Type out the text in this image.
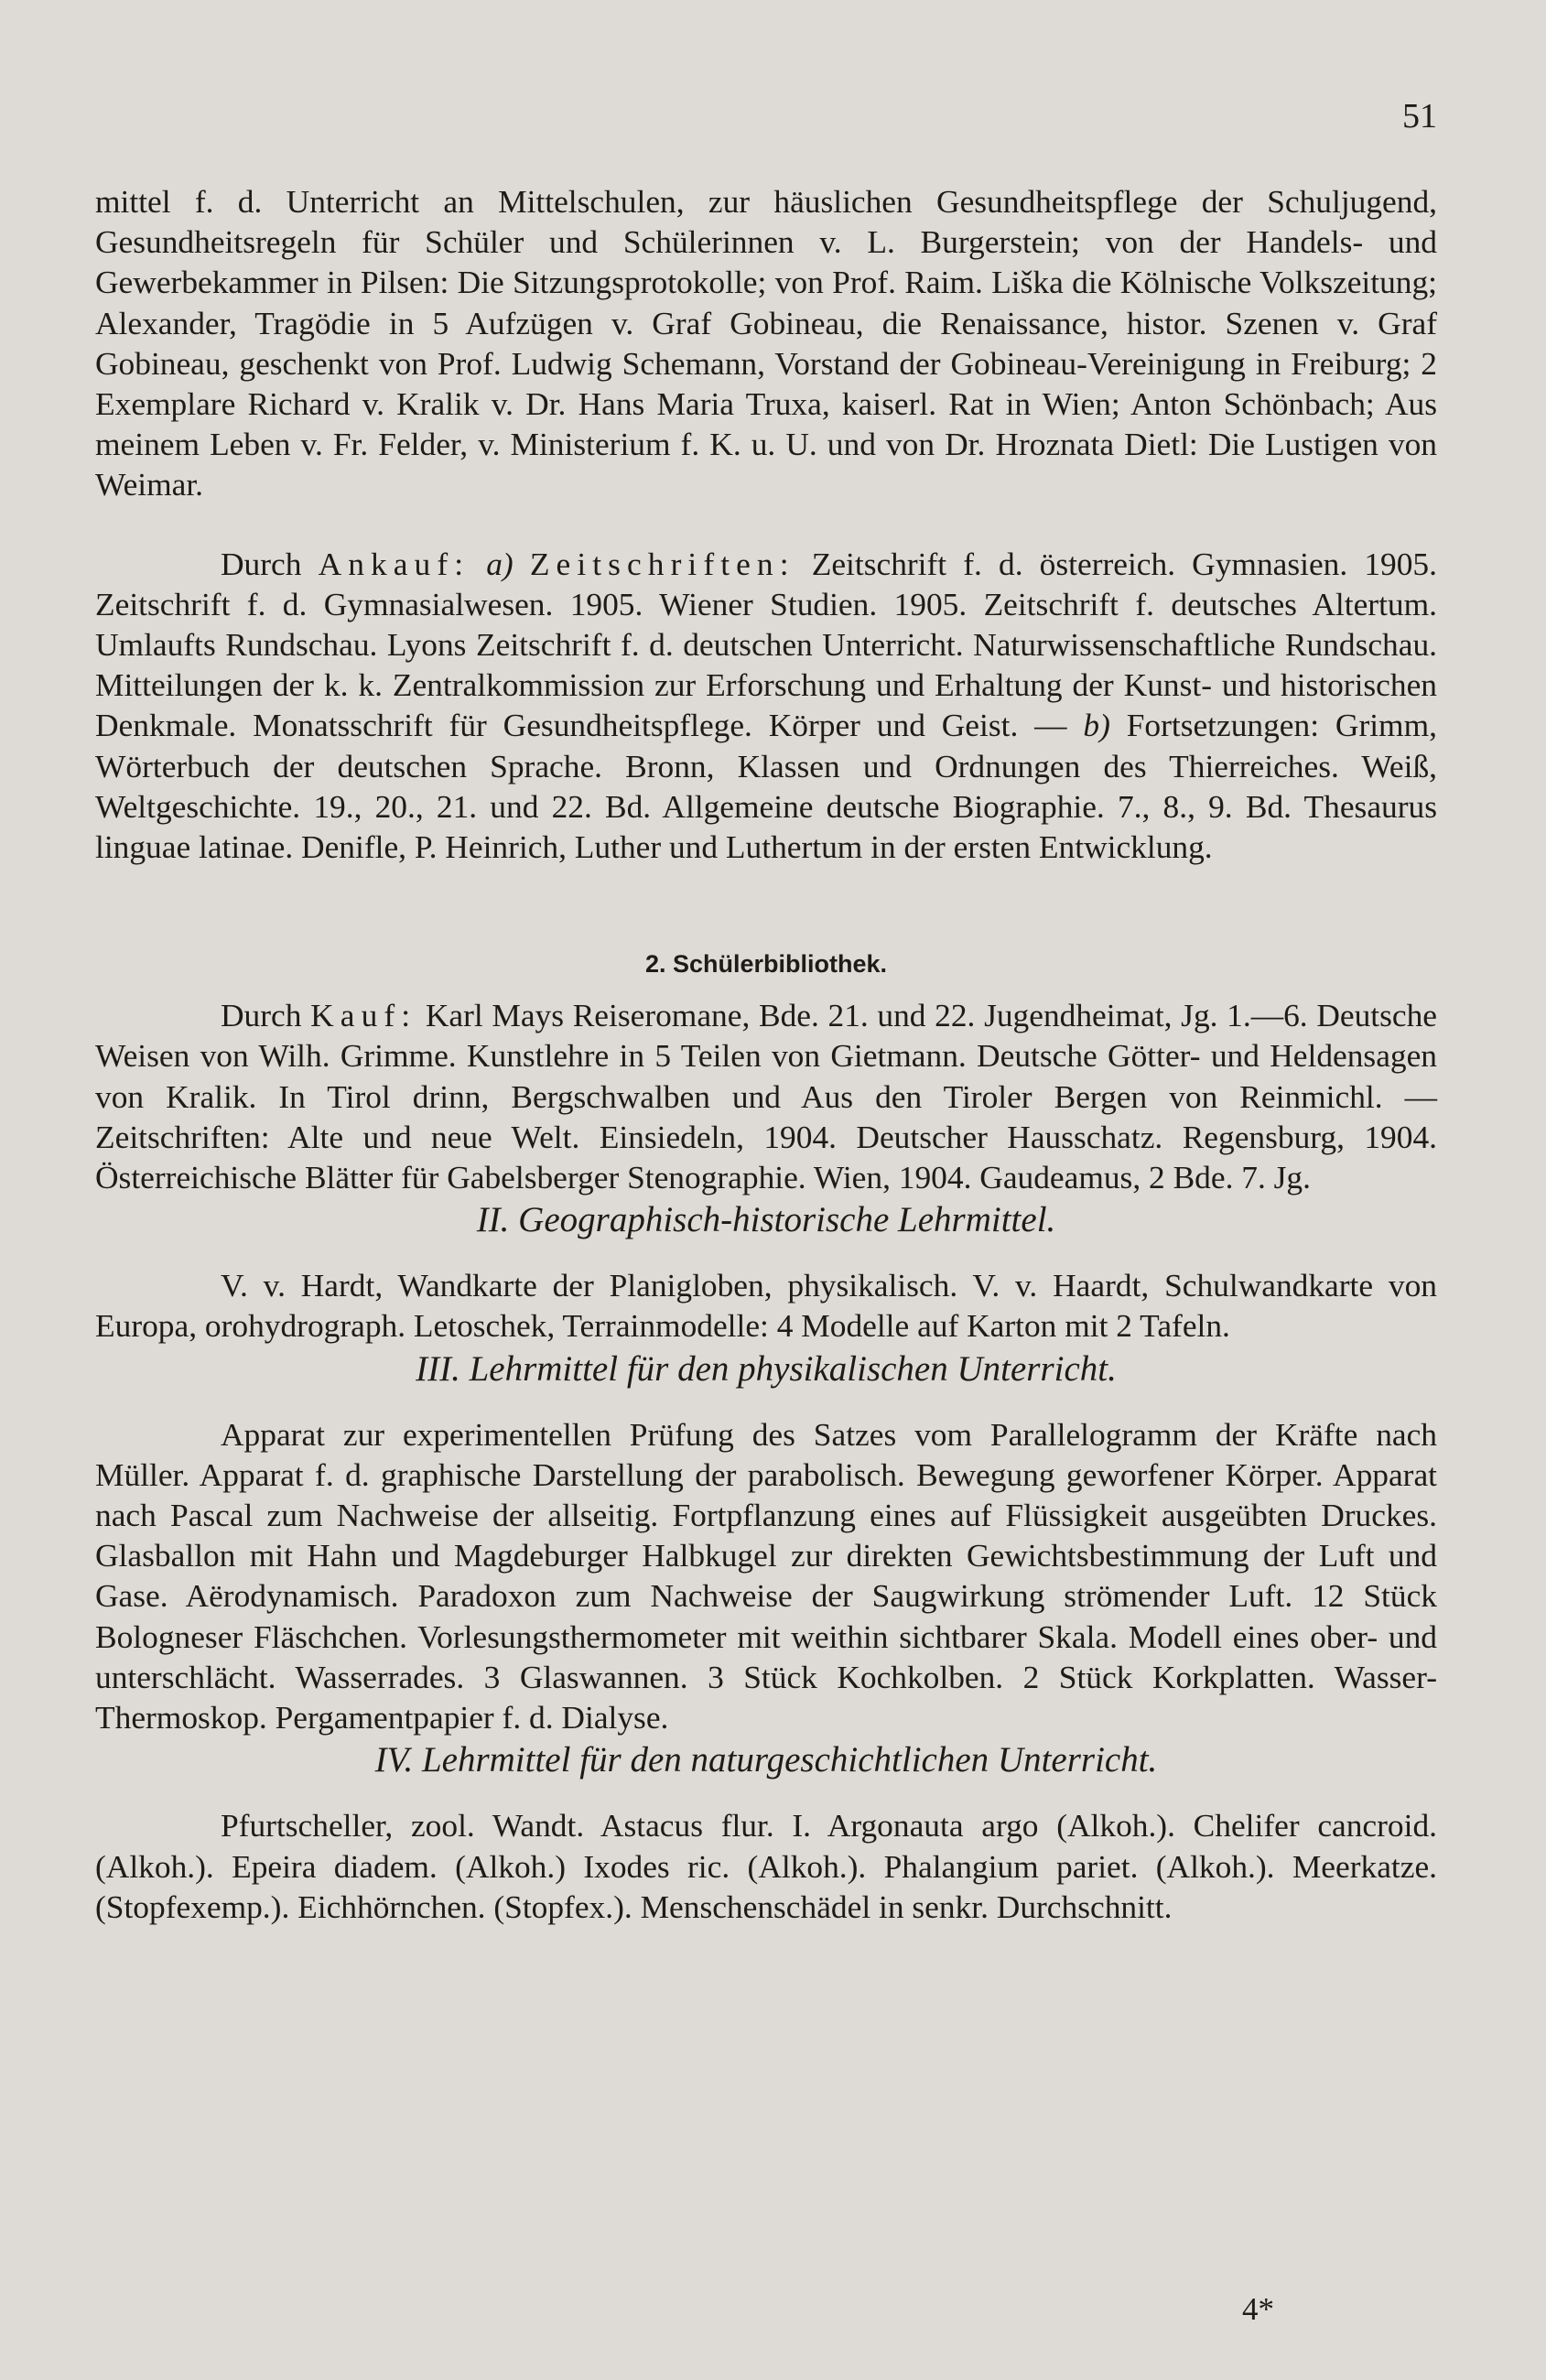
51

mittel f. d. Unterricht an Mittelschulen, zur häuslichen Gesundheitspflege der Schuljugend, Gesundheitsregeln für Schüler und Schülerinnen v. L. Burgerstein; von der Handels- und Gewerbekammer in Pilsen: Die Sitzungsprotokolle; von Prof. Raim. Liška die Kölnische Volkszeitung; Alexander, Tragödie in 5 Aufzügen v. Graf Gobineau, die Renaissance, histor. Szenen v. Graf Gobineau, geschenkt von Prof. Ludwig Schemann, Vorstand der Gobineau-Vereinigung in Freiburg; 2 Exemplare Richard v. Kralik v. Dr. Hans Maria Truxa, kaiserl. Rat in Wien; Anton Schönbach; Aus meinem Leben v. Fr. Felder, v. Ministerium f. K. u. U. und von Dr. Hroznata Dietl: Die Lustigen von Weimar.

Durch Ankauf: a) Zeitschriften: Zeitschrift f. d. österreich. Gymnasien. 1905. Zeitschrift f. d. Gymnasialwesen. 1905. Wiener Studien. 1905. Zeitschrift f. deutsches Altertum. Umlaufts Rundschau. Lyons Zeitschrift f. d. deutschen Unterricht. Naturwissenschaftliche Rundschau. Mitteilungen der k. k. Zentralkommission zur Erforschung und Erhaltung der Kunst- und historischen Denkmale. Monatsschrift für Gesundheitspflege. Körper und Geist. — b) Fortsetzungen: Grimm, Wörterbuch der deutschen Sprache. Bronn, Klassen und Ordnungen des Thierreiches. Weiß, Weltgeschichte. 19., 20., 21. und 22. Bd. Allgemeine deutsche Biographie. 7., 8., 9. Bd. Thesaurus linguae latinae. Denifle, P. Heinrich, Luther und Luthertum in der ersten Entwicklung.

2. Schülerbibliothek.

Durch Kauf: Karl Mays Reiseromane, Bde. 21. und 22. Jugendheimat, Jg. 1.—6. Deutsche Weisen von Wilh. Grimme. Kunstlehre in 5 Teilen von Gietmann. Deutsche Götter- und Heldensagen von Kralik. In Tirol drinn, Bergschwalben und Aus den Tiroler Bergen von Reinmichl. — Zeitschriften: Alte und neue Welt. Einsiedeln, 1904. Deutscher Hausschatz. Regensburg, 1904. Österreichische Blätter für Gabelsberger Stenographie. Wien, 1904. Gaudeamus, 2 Bde. 7. Jg.

II. Geographisch-historische Lehrmittel.

V. v. Hardt, Wandkarte der Planigloben, physikalisch. V. v. Haardt, Schulwandkarte von Europa, orohydrograph. Letoschek, Terrainmodelle: 4 Modelle auf Karton mit 2 Tafeln.

III. Lehrmittel für den physikalischen Unterricht.

Apparat zur experimentellen Prüfung des Satzes vom Parallelogramm der Kräfte nach Müller. Apparat f. d. graphische Darstellung der parabolisch. Bewegung geworfener Körper. Apparat nach Pascal zum Nachweise der allseitig. Fortpflanzung eines auf Flüssigkeit ausgeübten Druckes. Glasballon mit Hahn und Magdeburger Halbkugel zur direkten Gewichtsbestimmung der Luft und Gase. Aërodynamisch. Paradoxon zum Nachweise der Saugwirkung strömender Luft. 12 Stück Bologneser Fläschchen. Vorlesungsthermometer mit weithin sichtbarer Skala. Modell eines ober- und unterschlächt. Wasserrades. 3 Glaswannen. 3 Stück Kochkolben. 2 Stück Korkplatten. Wasser-Thermoskop. Pergamentpapier f. d. Dialyse.

IV. Lehrmittel für den naturgeschichtlichen Unterricht.

Pfurtscheller, zool. Wandt. Astacus flur. I. Argonauta argo (Alkoh.). Chelifer cancroid. (Alkoh.). Epeira diadem. (Alkoh.) Ixodes ric. (Alkoh.). Phalangium pariet. (Alkoh.). Meerkatze. (Stopfexemp.). Eichhörnchen. (Stopfex.). Menschenschädel in senkr. Durchschnitt.

4*
